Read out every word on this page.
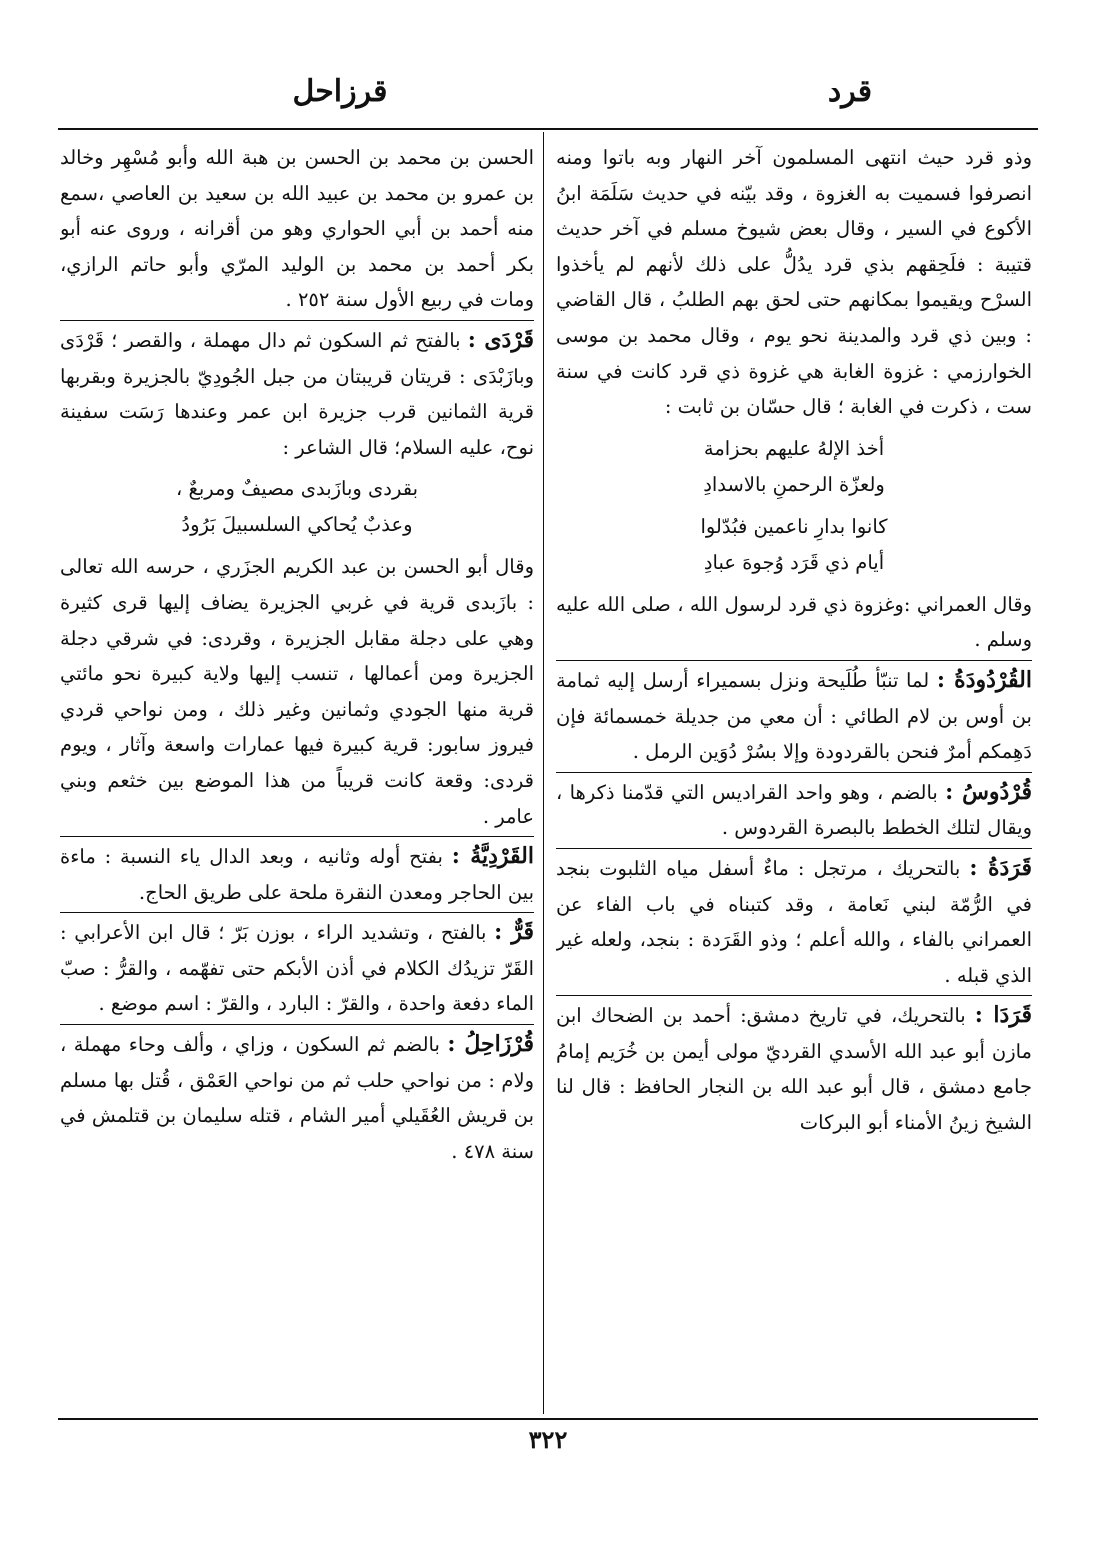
قرد
قرزاحل

وذو قرد حيث انتهى المسلمون آخر النهار وبه باتوا ومنه انصرفوا فسميت به الغزوة ، وقد بيّنه في حديث سَلَمَة ابنُ الأكوع في السير ، وقال بعض شيوخ مسلم في آخر حديث قتيبة : فلَحِقهم بذي قرد يدُلُّ على ذلك لأنهم لم يأخذوا السرْح ويقيموا بمكانهم حتى لحق بهم الطلبُ ، قال القاضي : وبين ذي قرد والمدينة نحو يوم ، وقال محمد بن موسى الخوارزمي : غزوة الغابة هي غزوة ذي قرد كانت في سنة ست ، ذكرت في الغابة ؛ قال حسّان بن ثابت :

أخذ الإلهُ عليهم بحزامة
ولعزّة الرحمنِ بالاسدادِ
كانوا بدارِ ناعمين فبُدّلوا
أيام ذي قَرَد وُجوهَ عبادِ

وقال العمراني :وغزوة ذي قرد لرسول الله ، صلى الله عليه وسلم .

القُرْدُودَةُ : لما تنبّأ طُلَيحة ونزل بسميراء أرسل إليه ثمامة بن أوس بن لام الطائي : أن معي من جديلة خمسمائة فإن دَهِمكم أمرٌ فنحن بالقردودة وإلا بسُرْ دُوَين الرمل .

قُرْدُوسُ : بالضم ، وهو واحد القراديس التي قدّمنا ذكرها ، ويقال لتلك الخطط بالبصرة القردوس .

قَرَدَةُ : بالتحريك ، مرتجل : ماءٌ أسفل مياه الثلبوت بنجد في الرُّمّة لبني نَعامة ، وقد كتبناه في باب الفاء عن العمراني بالفاء ، والله أعلم ؛ وذو القَرَدة : بنجد، ولعله غير الذي قبله .

قَرَدَا : بالتحريك، في تاريخ دمشق: أحمد بن الضحاك ابن مازن أبو عبد الله الأسدي القرديّ مولى أيمن بن خُرَيم إمامُ جامع دمشق ، قال أبو عبد الله بن النجار الحافظ : قال لنا الشيخ زينُ الأمناء أبو البركات

الحسن بن محمد بن الحسن بن هبة الله وأبو مُسْهِر وخالد بن عمرو بن محمد بن عبيد الله بن سعيد بن العاصي ،سمع منه أحمد بن أبي الحواري وهو من أقرانه ، وروى عنه أبو بكر أحمد بن محمد بن الوليد المرّي وأبو حاتم الرازي، ومات في ربيع الأول سنة ٢٥٢ .

قَرْدَى : بالفتح ثم السكون ثم دال مهملة ، والقصر ؛ قَرْدَى وبازَبْدَى : قريتان قريبتان من جبل الجُودِيّ بالجزيرة وبقربها قرية الثمانين قرب جزيرة ابن عمر وعندها رَسَت سفينة نوح، عليه السلام؛ قال الشاعر :

بقردى وبازَبدى مصيفٌ ومربعٌ ،
وعذبٌ يُحاكي السلسبيلَ بَرُودُ

وقال أبو الحسن بن عبد الكريم الجزَري ، حرسه الله تعالى : بازَبدى قرية في غربي الجزيرة يضاف إليها قرى كثيرة وهي على دجلة مقابل الجزيرة ، وقردى: في شرقي دجلة الجزيرة ومن أعمالها ، تنسب إليها ولاية كبيرة نحو مائتي قرية منها الجودي وثمانين وغير ذلك ، ومن نواحي قردي فيروز سابور: قرية كبيرة فيها عمارات واسعة وآثار ، ويوم قردى: وقعة كانت قريباً من هذا الموضع بين خثعم وبني عامر .

القَرْدِيَّةُ : بفتح أوله وثانيه ، وبعد الدال ياء النسبة : ماءة بين الحاجر ومعدن النقرة ملحة على طريق الحاج.

قَرٌّ : بالفتح ، وتشديد الراء ، بوزن بَرّ ؛ قال ابن الأعرابي : القَرّ تزيدُك الكلام في أذن الأبكم حتى تفهّمه ، والقرُّ : صبّ الماء دفعة واحدة ، والقرّ : البارد ، والقرّ : اسم موضع .

قُرْزَاحِلُ : بالضم ثم السكون ، وزاي ، وألف وحاء مهملة ، ولام : من نواحي حلب ثم من نواحي العَمْق ، قُتل بها مسلم بن قريش العُقَيلي أمير الشام ، قتله سليمان بن قتلمش في سنة ٤٧٨ .

٣٢٢
